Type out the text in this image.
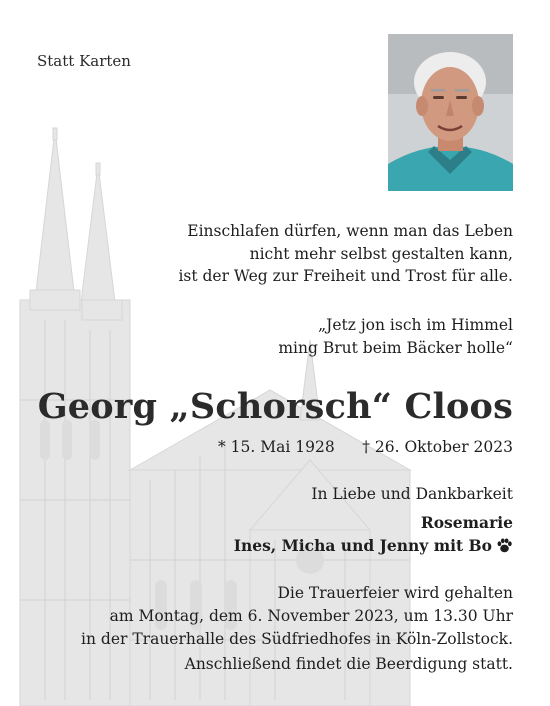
Statt Karten
Einschlafen dürfen, wenn man das Leben
nicht mehr selbst gestalten kann,
ist der Weg zur Freiheit und Trost für alle.
„Jetz jon isch im Himmel
ming Brut beim Bäcker holle“
Georg „Schorsch“ Cloos
* 15. Mai 1928 † 26. Oktober 2023
In Liebe und Dankbarkeit
Rosemarie
Ines, Micha und Jenny mit Bo
Die Trauerfeier wird gehalten
am Montag, dem 6. November 2023, um 13.30 Uhr
in der Trauerhalle des Südfriedhofes in Köln-Zollstock.
Anschließend findet die Beerdigung statt.
